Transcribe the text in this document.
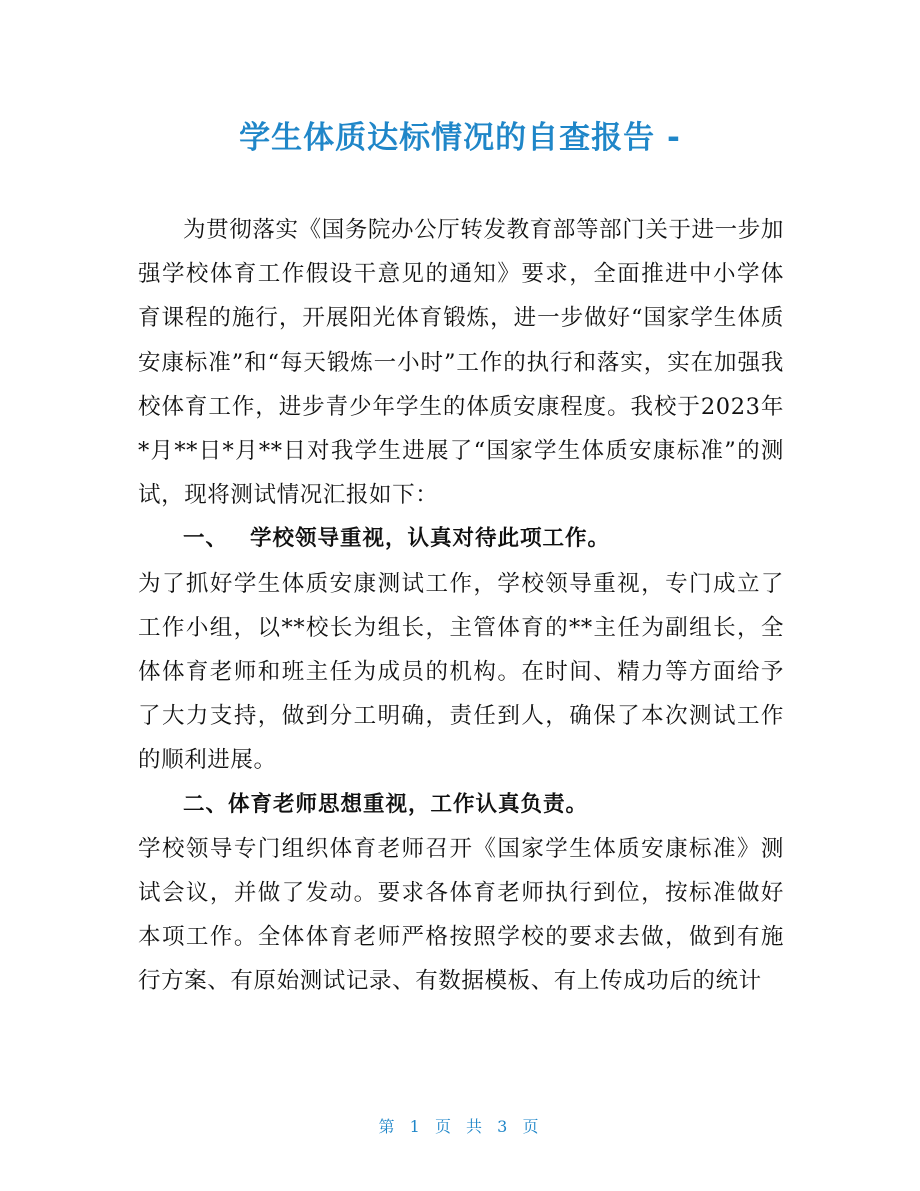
学生体质达标情况的自查报告 -

为贯彻落实《国务院办公厅转发教育部等部门关于进一步加强学校体育工作假设干意见的通知》要求，全面推进中小学体育课程的施行，开展阳光体育锻炼，进一步做好“国家学生体质安康标准”和“每天锻炼一小时”工作的执行和落实，实在加强我校体育工作，进步青少年学生的体质安康程度。我校于2023年*月**日*月**日对我学生进展了“国家学生体质安康标准”的测试，现将测试情况汇报如下：

一、 学校领导重视，认真对待此项工作。

为了抓好学生体质安康测试工作，学校领导重视，专门成立了工作小组，以**校长为组长，主管体育的**主任为副组长，全体体育老师和班主任为成员的机构。在时间、精力等方面给予了大力支持，做到分工明确，责任到人，确保了本次测试工作的顺利进展。

二、体育老师思想重视，工作认真负责。

学校领导专门组织体育老师召开《国家学生体质安康标准》测试会议，并做了发动。要求各体育老师执行到位，按标准做好本项工作。全体体育老师严格按照学校的要求去做，做到有施行方案、有原始测试记录、有数据模板、有上传成功后的统计

第 1 页 共 3 页
